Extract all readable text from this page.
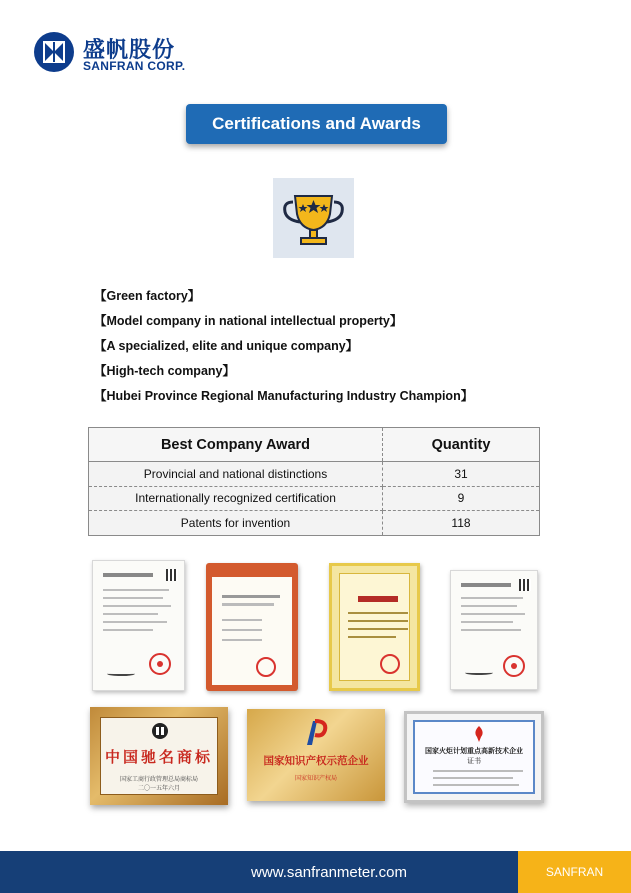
盛帆股份
SANFRAN CORP.
Certifications and Awards
【Green factory】
【Model company in national intellectual property】
【A specialized, elite and unique company】
【High-tech company】
【Hubei Province Regional Manufacturing Industry Champion】
Best Company Award	Quantity
Provincial and national distinctions	31
Internationally recognized certification	9
Patents for invention	118
中国驰名商标
国家工商行政管理总局商标局
二〇一五年六月
国家知识产权示范企业
国家知识产权局
国家火炬计划重点高新技术企业
证书
www.sanfranmeter.com	SANFRAN
